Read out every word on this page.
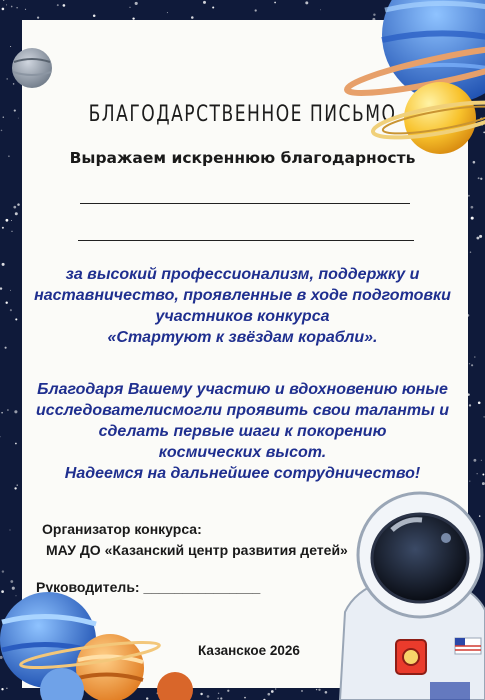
БЛАГОДАРСТВЕННОЕ ПИСЬМО

Выражаем искреннюю благодарность

за высокий профессионализм, поддержку и
наставничество, проявленные в ходе подготовки
участников конкурса
«Стартуют к звёздам корабли».
Благодаря Вашему участию и вдохновению юные
исследователисмогли проявить свои таланты и
сделать первые шаги к покорению
космических высот.
Надеемся на дальнейшее сотрудничество!
Организатор конкурса:
МАУ ДО «Казанский центр развития детей»
Руководитель: _______________
Казанское 2026
